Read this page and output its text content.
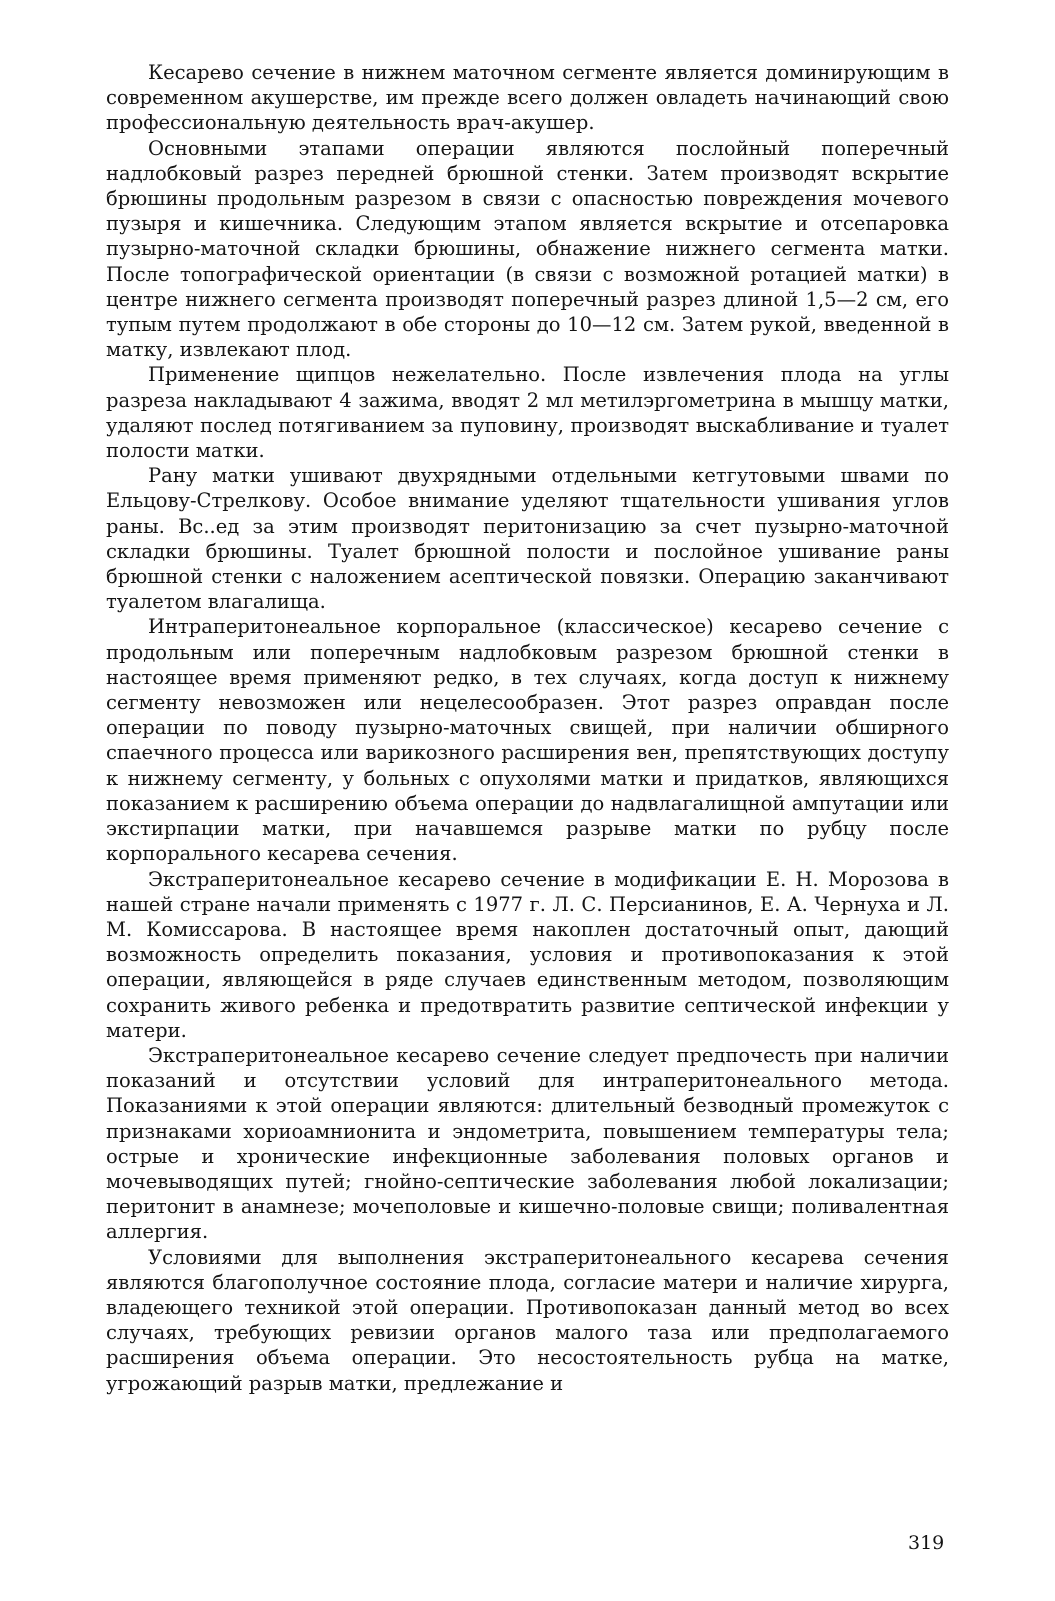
Кесарево сечение в нижнем маточном сегменте является доминирующим в современном акушерстве, им прежде всего должен овладеть начинающий свою профессиональную деятельность врач-акушер.

Основными этапами операции являются послойный поперечный надлобковый разрез передней брюшной стенки. Затем производят вскрытие брюшины продольным разрезом в связи с опасностью повреждения мочевого пузыря и кишечника. Следующим этапом является вскрытие и отсепаровка пузырно-маточной складки брюшины, обнажение нижнего сегмента матки. После топографической ориентации (в связи с возможной ротацией матки) в центре нижнего сегмента производят поперечный разрез длиной 1,5—2 см, его тупым путем продолжают в обе стороны до 10—12 см. Затем рукой, введенной в матку, извлекают плод.

Применение щипцов нежелательно. После извлечения плода на углы разреза накладывают 4 зажима, вводят 2 мл метилэргометрина в мышцу матки, удаляют послед потягиванием за пуповину, производят выскабливание и туалет полости матки.

Рану матки ушивают двухрядными отдельными кетгутовыми швами по Ельцову-Стрелкову. Особое внимание уделяют тщательности ушивания углов раны. Вс..ед за этим производят перитонизацию за счет пузырно-маточной складки брюшины. Туалет брюшной полости и послойное ушивание раны брюшной стенки с наложением асептической повязки. Операцию заканчивают туалетом влагалища.

Интраперитонеальное корпоральное (классическое) кесарево сечение с продольным или поперечным надлобковым разрезом брюшной стенки в настоящее время применяют редко, в тех случаях, когда доступ к нижнему сегменту невозможен или нецелесообразен. Этот разрез оправдан после операции по поводу пузырно-маточных свищей, при наличии обширного спаечного процесса или варикозного расширения вен, препятствующих доступу к нижнему сегменту, у больных с опухолями матки и придатков, являющихся показанием к расширению объема операции до надвлагалищной ампутации или экстирпации матки, при начавшемся разрыве матки по рубцу после корпорального кесарева сечения.

Экстраперитонеальное кесарево сечение в модификации Е. Н. Морозова в нашей стране начали применять с 1977 г. Л. С. Персианинов, Е. А. Чернуха и Л. М. Комиссарова. В настоящее время накоплен достаточный опыт, дающий возможность определить показания, условия и противопоказания к этой операции, являющейся в ряде случаев единственным методом, позволяющим сохранить живого ребенка и предотвратить развитие септической инфекции у матери.

Экстраперитонеальное кесарево сечение следует предпочесть при наличии показаний и отсутствии условий для интраперитонеального метода. Показаниями к этой операции являются: длительный безводный промежуток с признаками хориоамнионита и эндометрита, повышением температуры тела; острые и хронические инфекционные заболевания половых органов и мочевыводящих путей; гнойно-септические заболевания любой локализации; перитонит в анамнезе; мочеполовые и кишечно-половые свищи; поливалентная аллергия.

Условиями для выполнения экстраперитонеального кесарева сечения являются благополучное состояние плода, согласие матери и наличие хирурга, владеющего техникой этой операции. Противопоказан данный метод во всех случаях, требующих ревизии органов малого таза или предполагаемого расширения объема операции. Это несостоятельность рубца на матке, угрожающий разрыв матки, предлежание и

319
